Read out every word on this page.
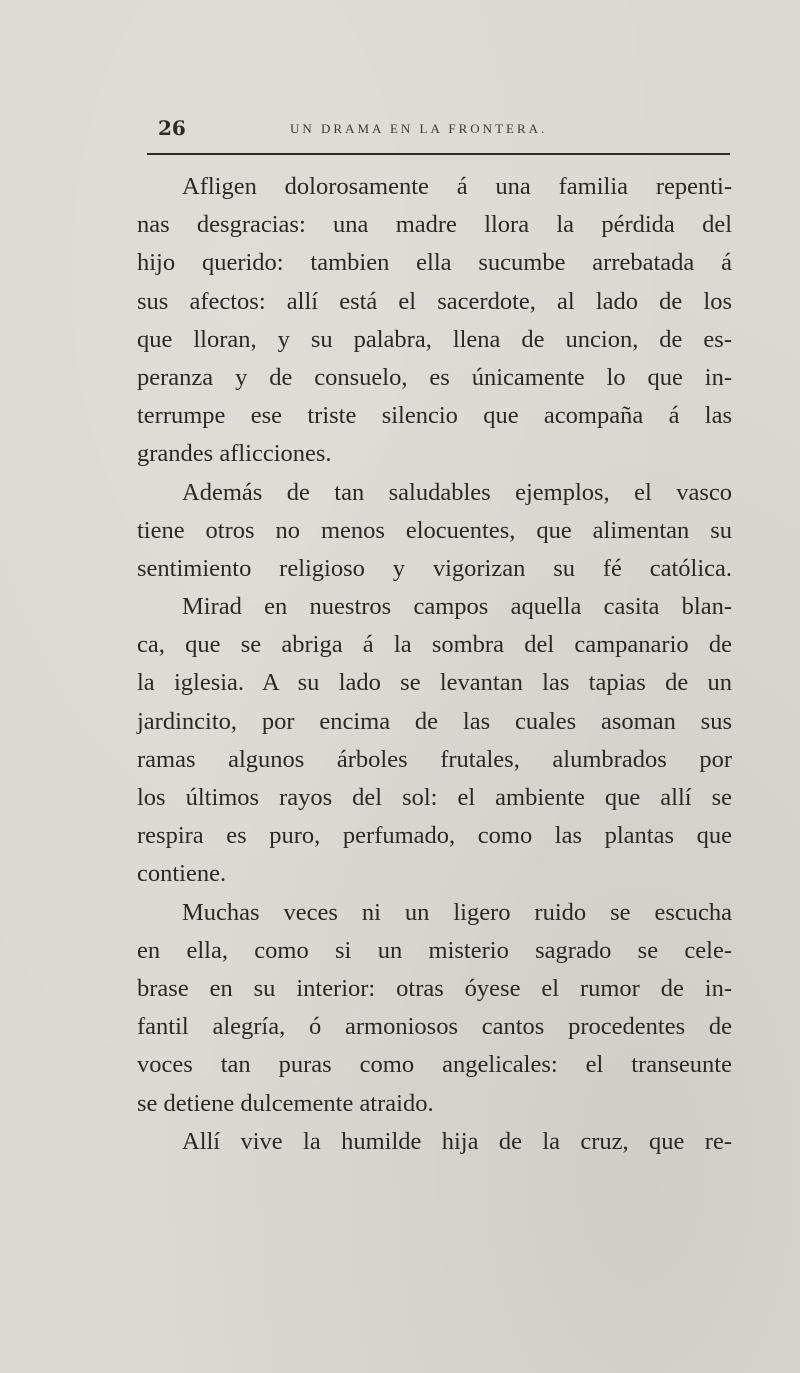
26	UN DRAMA EN LA FRONTERA.
Afligen dolorosamente á una familia repenti-
nas desgracias: una madre llora la pérdida del
hijo querido: tambien ella sucumbe arrebatada á
sus afectos: allí está el sacerdote, al lado de los
que lloran, y su palabra, llena de uncion, de es-
peranza y de consuelo, es únicamente lo que in-
terrumpe ese triste silencio que acompaña á las
grandes aflicciones.
Además de tan saludables ejemplos, el vasco
tiene otros no menos elocuentes, que alimentan su
sentimiento religioso y vigorizan su fé católica.
Mirad en nuestros campos aquella casita blan-
ca, que se abriga á la sombra del campanario de
la iglesia. A su lado se levantan las tapias de un
jardincito, por encima de las cuales asoman sus
ramas algunos árboles frutales, alumbrados por
los últimos rayos del sol: el ambiente que allí se
respira es puro, perfumado, como las plantas que
contiene.
Muchas veces ni un ligero ruido se escucha
en ella, como si un misterio sagrado se cele-
brase en su interior: otras óyese el rumor de in-
fantil alegría, ó armoniosos cantos procedentes de
voces tan puras como angelicales: el transeunte
se detiene dulcemente atraido.
Allí vive la humilde hija de la cruz, que re-
